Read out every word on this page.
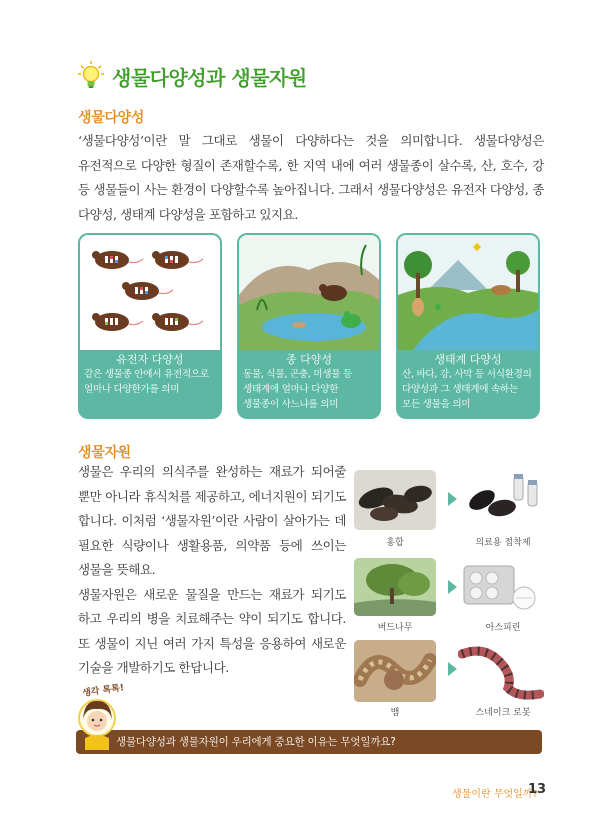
생물다양성과 생물자원
생물다양성
‘생물다양성’이란 말 그대로 생물이 다양하다는 것을 의미합니다. 생물다양성은 유전적으로 다양한 형질이 존재할수록, 한 지역 내에 여러 생물종이 살수록, 산, 호수, 강 등 생물들이 사는 환경이 다양할수록 높아집니다. 그래서 생물다양성은 유전자 다양성, 종 다양성, 생태계 다양성을 포함하고 있지요.
유전자 다양성
같은 생물종 안에서 유전적으로 얼마나 다양한가를 의미
종 다양성
동물, 식물, 곤충, 미생물 등 생태계에 얼마나 다양한 생물종이 사느냐를 의미
생태계 다양성
산, 바다, 강, 사막 등 서식환경의 다양성과 그 생태계에 속하는 모든 생물을 의미
생물자원
생물은 우리의 의식주를 완성하는 재료가 되어줄 뿐만 아니라 휴식처를 제공하고, 에너지원이 되기도 합니다. 이처럼 ‘생물자원’이란 사람이 살아가는 데 필요한 식량이나 생활용품, 의약품 등에 쓰이는 생물을 뜻해요.
생물자원은 새로운 물질을 만드는 재료가 되기도 하고 우리의 병을 치료해주는 약이 되기도 합니다. 또 생물이 지닌 여러 가지 특성을 응용하여 새로운 기술을 개발하기도 한답니다.
홍합	의료용 접착제
버드나무	아스피린
뱀	스네이크 로봇
생각 톡톡!
생물다양성과 생물자원이 우리에게 중요한 이유는 무엇일까요?
생물이란 무엇일까?
13
